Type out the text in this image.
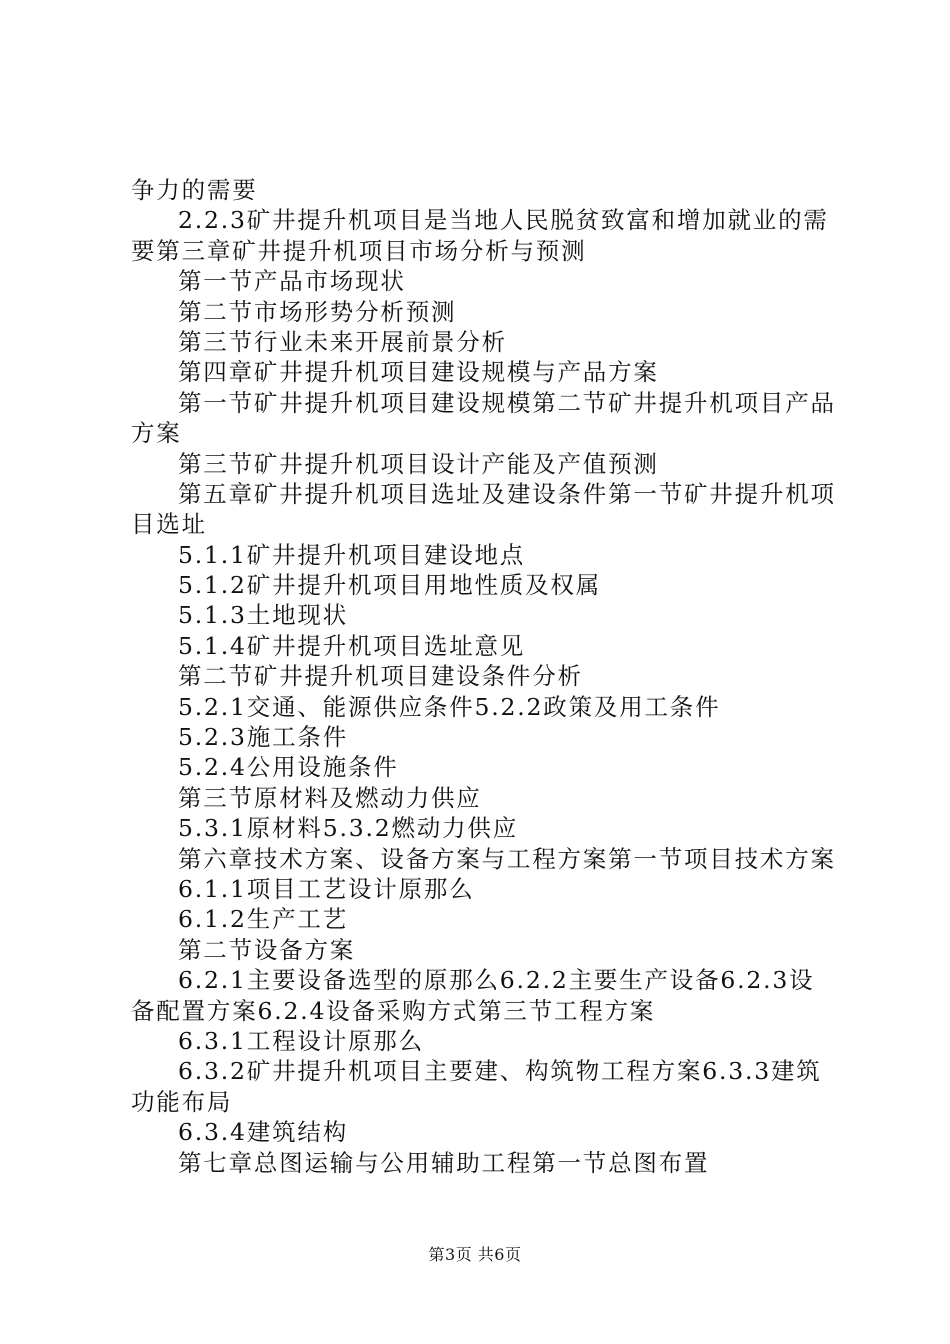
争力的需要
2.2.3矿井提升机项目是当地人民脱贫致富和增加就业的需
要第三章矿井提升机项目市场分析与预测
第一节产品市场现状
第二节市场形势分析预测
第三节行业未来开展前景分析
第四章矿井提升机项目建设规模与产品方案
第一节矿井提升机项目建设规模第二节矿井提升机项目产品
方案
第三节矿井提升机项目设计产能及产值预测
第五章矿井提升机项目选址及建设条件第一节矿井提升机项
目选址
5.1.1矿井提升机项目建设地点
5.1.2矿井提升机项目用地性质及权属
5.1.3土地现状
5.1.4矿井提升机项目选址意见
第二节矿井提升机项目建设条件分析
5.2.1交通、能源供应条件5.2.2政策及用工条件
5.2.3施工条件
5.2.4公用设施条件
第三节原材料及燃动力供应
5.3.1原材料5.3.2燃动力供应
第六章技术方案、设备方案与工程方案第一节项目技术方案
6.1.1项目工艺设计原那么
6.1.2生产工艺
第二节设备方案
6.2.1主要设备选型的原那么6.2.2主要生产设备6.2.3设
备配置方案6.2.4设备采购方式第三节工程方案
6.3.1工程设计原那么
6.3.2矿井提升机项目主要建、构筑物工程方案6.3.3建筑
功能布局
6.3.4建筑结构
第七章总图运输与公用辅助工程第一节总图布置
第3页 共6页
